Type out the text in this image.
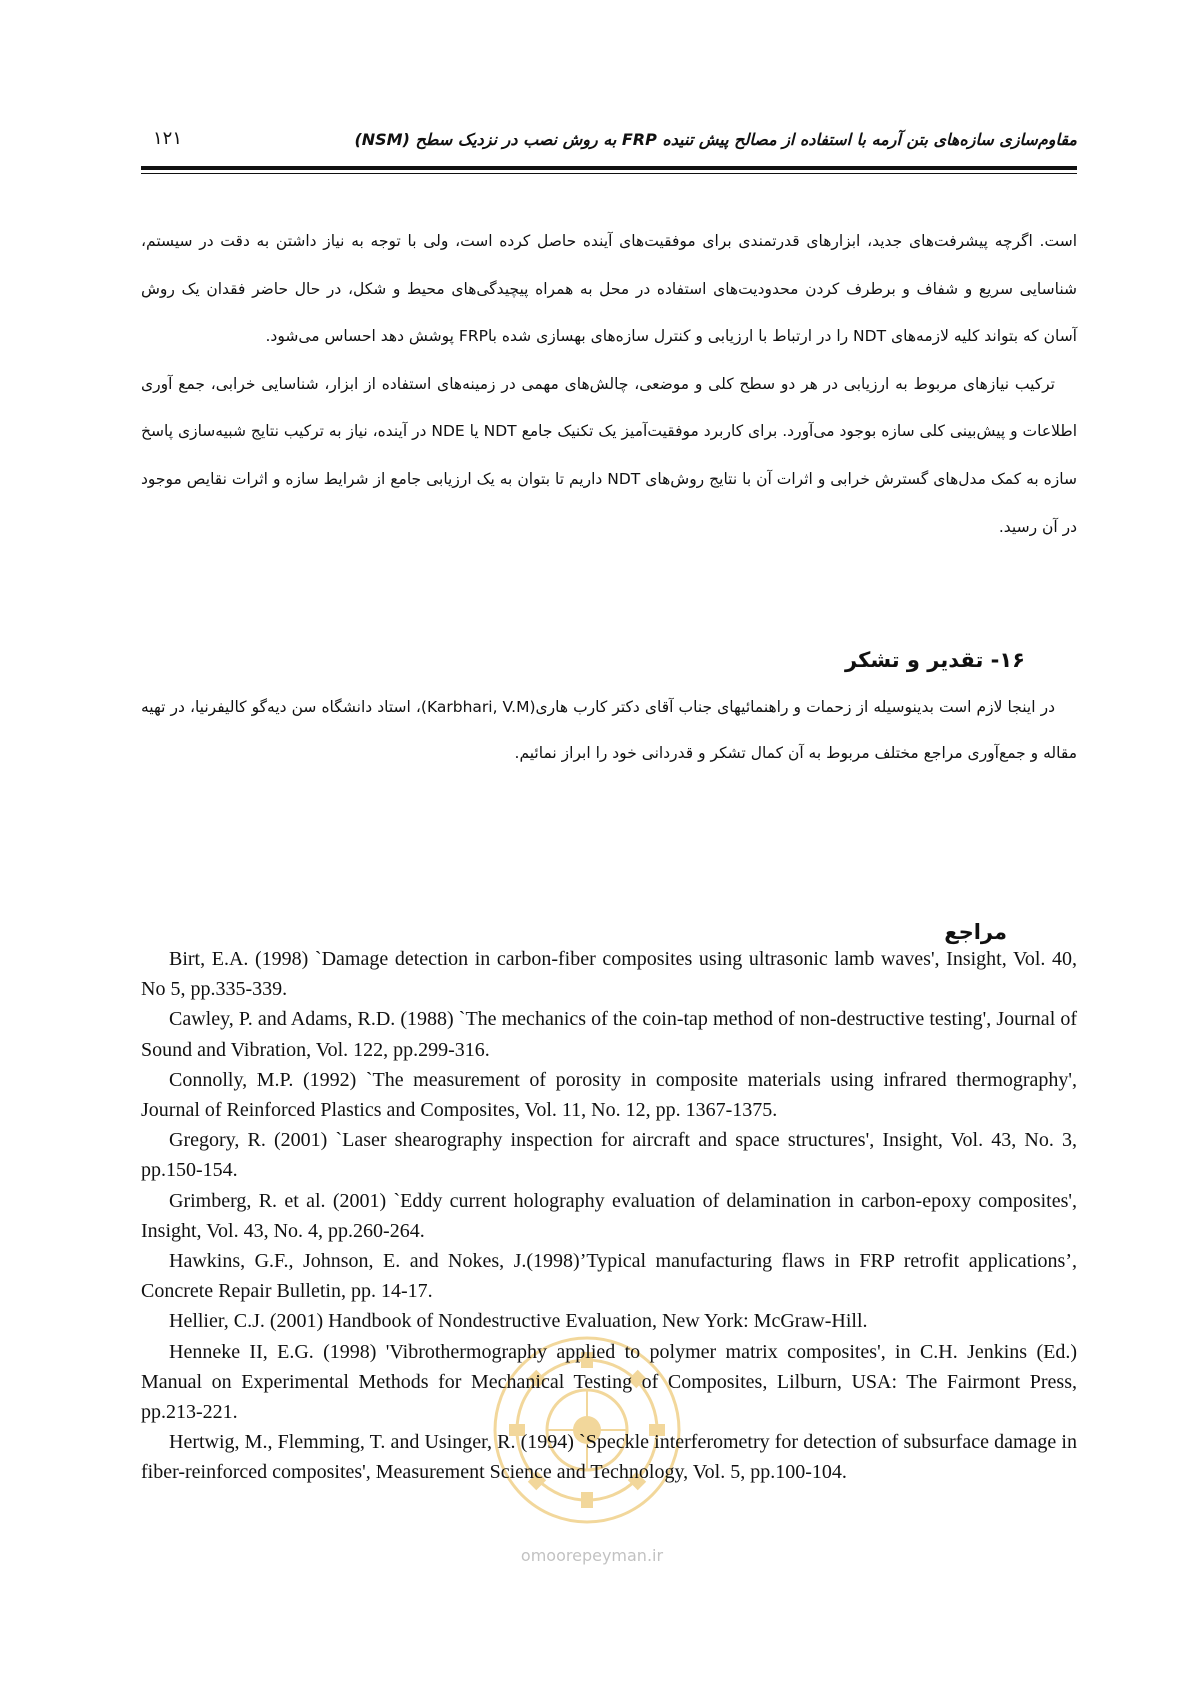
۱۲۱	مقاوم‌سازی سازه‌های بتن آرمه با استفاده از مصالح پیش تنیده FRP به روش نصب در نزدیک سطح (NSM)

است. اگرچه پیشرفت‌های جدید، ابزارهای قدرتمندی برای موفقیت‌های آینده حاصل کرده است، ولی با توجه به نیاز داشتن به دقت در سیستم، شناسایی سریع و شفاف و برطرف کردن محدودیت‌های استفاده در محل به همراه پیچیدگی‌های محیط و شکل، در حال حاضر فقدان یک روش آسان که بتواند کلیه لازمه‌های NDT را در ارتباط با ارزیابی و کنترل سازه‌های بهسازی شده باFRP پوشش دهد احساس می‌شود.

ترکیب نیازهای مربوط به ارزیابی در هر دو سطح کلی و موضعی، چالش‌های مهمی در زمینه‌های استفاده از ابزار، شناسایی خرابی، جمع آوری اطلاعات و پیش‌بینی کلی سازه بوجود می‌آورد. برای کاربرد موفقیت‌آمیز یک تکنیک جامع NDT یا NDE در آینده، نیاز به ترکیب نتایج شبیه‌سازی پاسخ سازه به کمک مدل‌های گسترش خرابی و اثرات آن با نتایج روش‌های NDT داریم تا بتوان به یک ارزیابی جامع از شرایط سازه و اثرات نقایص موجود در آن رسید.

۱۶- تقدیر و تشکر

در اینجا لازم است بدینوسیله از زحمات و راهنمائیهای جناب آقای دکتر کارب هاری(Karbhari, V.M)، استاد دانشگاه سن دیه‌گو کالیفرنیا، در تهیه مقاله و جمع‌آوری مراجع مختلف مربوط به آن کمال تشکر و قدردانی خود را ابراز نمائیم.

مراجع
omoorepeyman.ir

Birt, E.A. (1998) `Damage detection in carbon-fiber composites using ultrasonic lamb waves', Insight, Vol. 40, No 5, pp.335-339.

Cawley, P. and Adams, R.D. (1988) `The mechanics of the coin-tap method of non-destructive testing', Journal of Sound and Vibration, Vol. 122, pp.299-316.

Connolly, M.P. (1992) `The measurement of porosity in composite materials using infrared thermography', Journal of Reinforced Plastics and Composites, Vol. 11, No. 12, pp. 1367-1375.

Gregory, R. (2001) `Laser shearography inspection for aircraft and space structures', Insight, Vol. 43, No. 3, pp.150-154.

Grimberg, R. et al. (2001) `Eddy current holography evaluation of delamination in carbon-epoxy composites', Insight, Vol. 43, No. 4, pp.260-264.

Hawkins, G.F., Johnson, E. and Nokes, J.(1998)’Typical manufacturing flaws in FRP retrofit applications’, Concrete Repair Bulletin, pp. 14-17.

Hellier, C.J. (2001) Handbook of Nondestructive Evaluation, New York: McGraw-Hill.

Henneke II, E.G. (1998) 'Vibrothermography applied to polymer matrix composites', in C.H. Jenkins (Ed.) Manual on Experimental Methods for Mechanical Testing of Composites, Lilburn, USA: The Fairmont Press, pp.213-221.

Hertwig, M., Flemming, T. and Usinger, R. (1994) `Speckle interferometry for detection of subsurface damage in fiber-reinforced composites', Measurement Science and Technology, Vol. 5, pp.100-104.
